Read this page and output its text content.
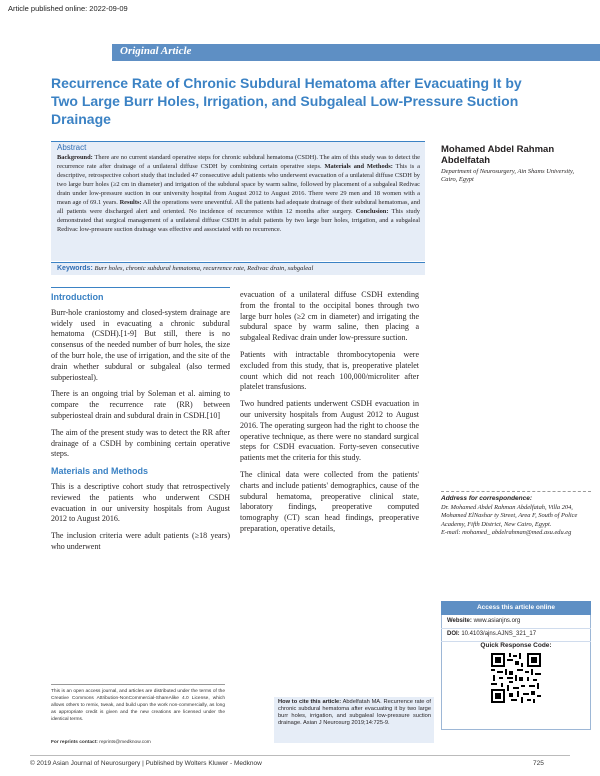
Article published online: 2022-09-09
Original Article
Recurrence Rate of Chronic Subdural Hematoma after Evacuating It by Two Large Burr Holes, Irrigation, and Subgaleal Low-Pressure Suction Drainage
Abstract
Background: There are no current standard operative steps for chronic subdural hematoma (CSDH). The aim of this study was to detect the recurrence rate after drainage of a unilateral diffuse CSDH by combining certain operative steps. Materials and Methods: This is a descriptive, retrospective cohort study that included 47 consecutive adult patients who underwent evacuation of a unilateral diffuse CSDH by two large burr holes (≥2 cm in diameter) and irrigation of the subdural space by warm saline, followed by placement of a subgaleal Redivac drain under low-pressure suction in our university hospital from August 2012 to August 2016. There were 29 men and 18 women with a mean age of 69.1 years. Results: All the operations were uneventful. All the patients had adequate drainage of their subdural hematomas, and all patients were discharged alert and oriented. No incidence of recurrence within 12 months after surgery. Conclusion: This study demonstrated that surgical management of a unilateral diffuse CSDH in adult patients by two large burr holes, irrigation, and a subgaleal Redivac low-pressure suction drainage was effective and associated with no recurrence.
Keywords: Burr holes, chronic subdural hematoma, recurrence rate, Redivac drain, subgaleal
Mohamed Abdel Rahman Abdelfatah
Department of Neurosurgery, Ain Shams University, Cairo, Egypt
Introduction

Burr-hole craniostomy and closed-system drainage are widely used in evacuating a chronic subdural hematoma (CSDH).[1-9] But still, there is no consensus of the needed number of burr holes, the size of the burr hole, the use of irrigation, and the site of the drain whether subdural or subgaleal (also termed subperiosteal).

There is an ongoing trial by Soleman et al. aiming to compare the recurrence rate (RR) between subperiosteal drain and subdural drain in CSDH.[10]

The aim of the present study was to detect the RR after drainage of a CSDH by combining certain operative steps.

Materials and Methods

This is a descriptive cohort study that retrospectively reviewed the patients who underwent CSDH evacuation in our university hospitals from August 2012 to August 2016.

The inclusion criteria were adult patients (≥18 years) who underwent

evacuation of a unilateral diffuse CSDH extending from the frontal to the occipital bones through two large burr holes (≥2 cm in diameter) and irrigating the subdural space by warm saline, then placing a subgaleal Redivac drain under low-pressure suction.

Patients with intractable thrombocytopenia were excluded from this study, that is, preoperative platelet count which did not reach 100,000/microliter after platelet transfusions.

Two hundred patients underwent CSDH evacuation in our university hospitals from August 2012 to August 2016. The operating surgeon had the right to choose the operative technique, as there were no standard surgical steps for CSDH evacuation. Forty-seven consecutive patients met the criteria for this study.

The clinical data were collected from the patients' charts and include patients' demographics, cause of the subdural hematoma, preoperative clinical state, laboratory findings, preoperative computed tomography (CT) scan head findings, preoperative preparation, operative details,

Address for correspondence:
Dr. Mohamed Abdel Rahman Abdelfatah, Villa 204, Mohamed ElNashar ty Street, Area F, South of Police Academy, Fifth District, New Cairo, Egypt.
E-mail: mohamed_ abdelrahman@med.asu.edu.eg
Access this article online
Website: www.asianjns.org
DOI: 10.4103/ajns.AJNS_321_17
Quick Response Code:
This is an open access journal, and articles are distributed under the terms of the Creative Commons Attribution-NonCommercial-ShareAlike 4.0 License, which allows others to remix, tweak, and build upon the work non-commercially, as long as appropriate credit is given and the new creations are licensed under the identical terms.
For reprints contact: reprints@medknow.com
How to cite this article: Abdelfatah MA. Recurrence rate of chronic subdural hematoma after evacuating it by two large burr holes, irrigation, and subgaleal low-pressure suction drainage. Asian J Neurosurg 2019;14:725-9.
© 2019 Asian Journal of Neurosurgery | Published by Wolters Kluwer - Medknow	725
